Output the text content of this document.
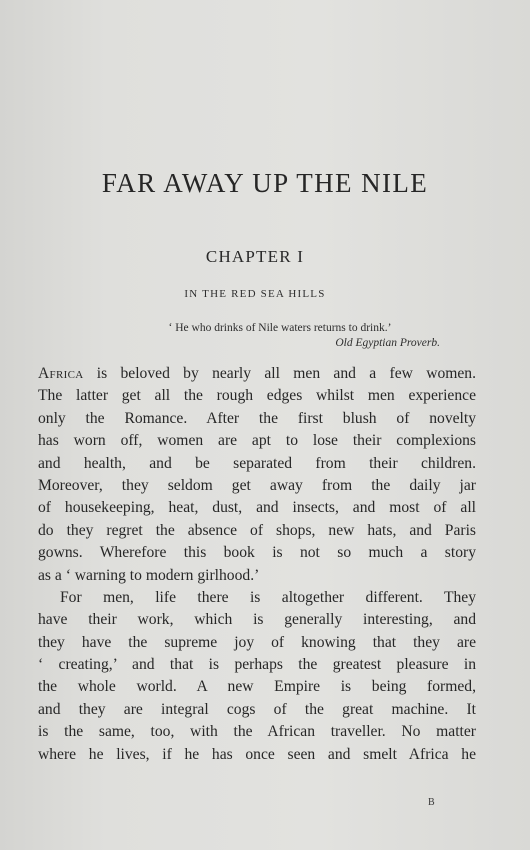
FAR AWAY UP THE NILE
CHAPTER I
IN THE RED SEA HILLS
‘ He who drinks of Nile waters returns to drink.’
Old Egyptian Proverb.
Africa is beloved by nearly all men and a few women.
The latter get all the rough edges whilst men experience
only the Romance. After the first blush of novelty
has worn off, women are apt to lose their complexions
and health, and be separated from their children.
Moreover, they seldom get away from the daily jar
of housekeeping, heat, dust, and insects, and most of all
do they regret the absence of shops, new hats, and Paris
gowns. Wherefore this book is not so much a story
as a ‘ warning to modern girlhood.’
For men, life there is altogether different. They
have their work, which is generally interesting, and
they have the supreme joy of knowing that they are
‘ creating,’ and that is perhaps the greatest pleasure in
the whole world. A new Empire is being formed,
and they are integral cogs of the great machine. It
is the same, too, with the African traveller. No matter
where he lives, if he has once seen and smelt Africa he
B
